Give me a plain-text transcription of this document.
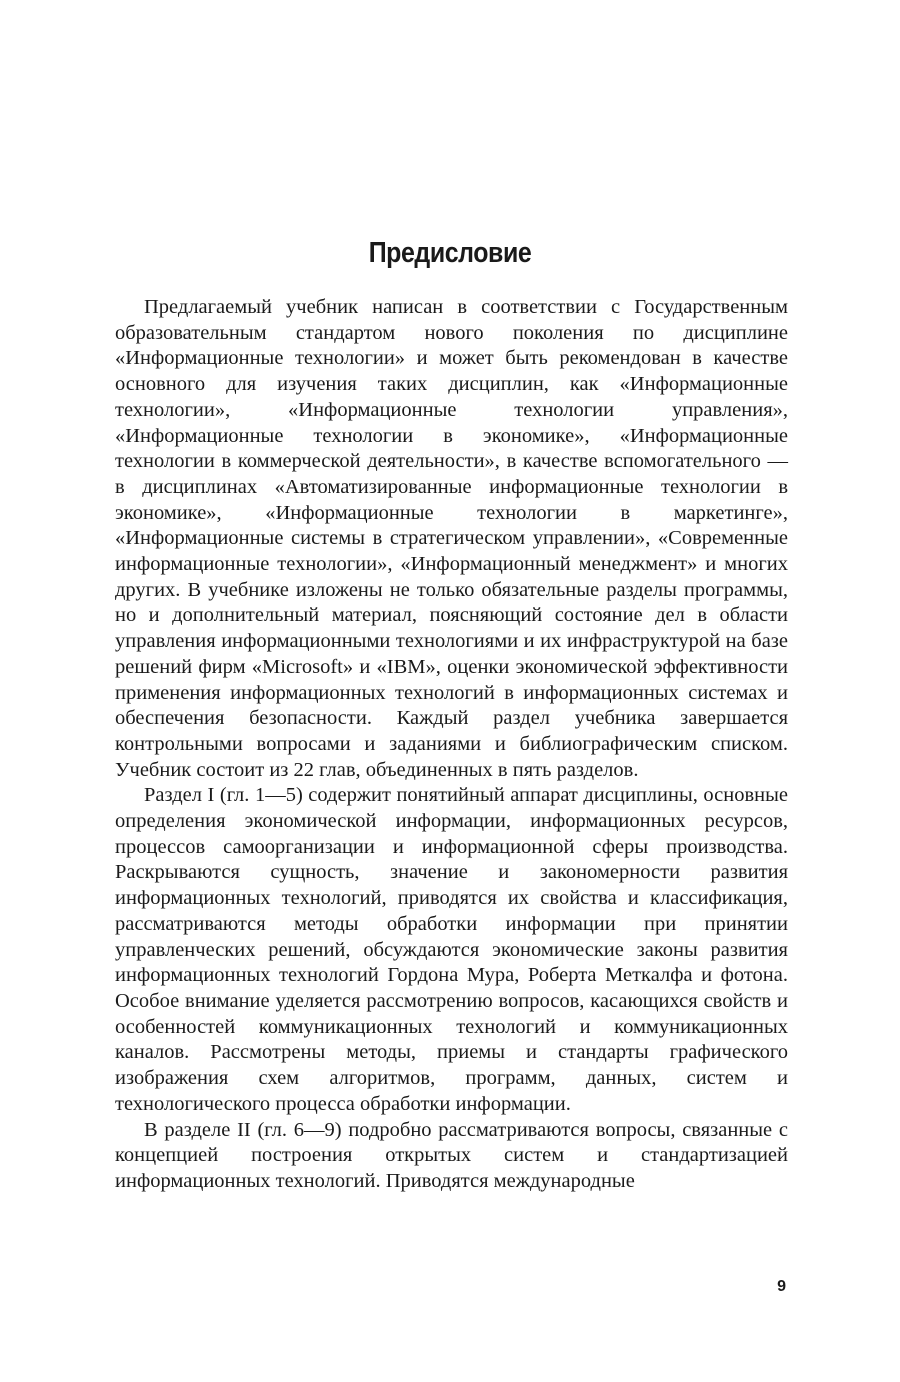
Предисловие

Предлагаемый учебник написан в соответствии с Государственным образовательным стандартом нового поколения по дисциплине «Информационные технологии» и может быть рекомендован в качестве основного для изучения таких дисциплин, как «Информационные технологии», «Информационные технологии управления», «Информационные технологии в экономике», «Информационные технологии в коммерческой деятельности», в качестве вспомогательного — в дисциплинах «Автоматизированные информационные технологии в экономике», «Информационные технологии в маркетинге», «Информационные системы в стратегическом управлении», «Современные информационные технологии», «Информационный менеджмент» и многих других. В учебнике изложены не только обязательные разделы программы, но и дополнительный материал, поясняющий состояние дел в области управления информационными технологиями и их инфраструктурой на базе решений фирм «Microsoft» и «IBM», оценки экономической эффективности применения информационных технологий в информационных системах и обеспечения безопасности. Каждый раздел учебника завершается контрольными вопросами и заданиями и библиографическим списком. Учебник состоит из 22 глав, объединенных в пять разделов.

Раздел I (гл. 1—5) содержит понятийный аппарат дисциплины, основные определения экономической информации, информационных ресурсов, процессов самоорганизации и информационной сферы производства. Раскрываются сущность, значение и закономерности развития информационных технологий, приводятся их свойства и классификация, рассматриваются методы обработки информации при принятии управленческих решений, обсуждаются экономические законы развития информационных технологий Гордона Мура, Роберта Меткалфа и фотона. Особое внимание уделяется рассмотрению вопросов, касающихся свойств и особенностей коммуникационных технологий и коммуникационных каналов. Рассмотрены методы, приемы и стандарты графического изображения схем алгоритмов, программ, данных, систем и технологического процесса обработки информации.

В разделе II (гл. 6—9) подробно рассматриваются вопросы, связанные с концепцией построения открытых систем и стандартизацией информационных технологий. Приводятся международные

9
